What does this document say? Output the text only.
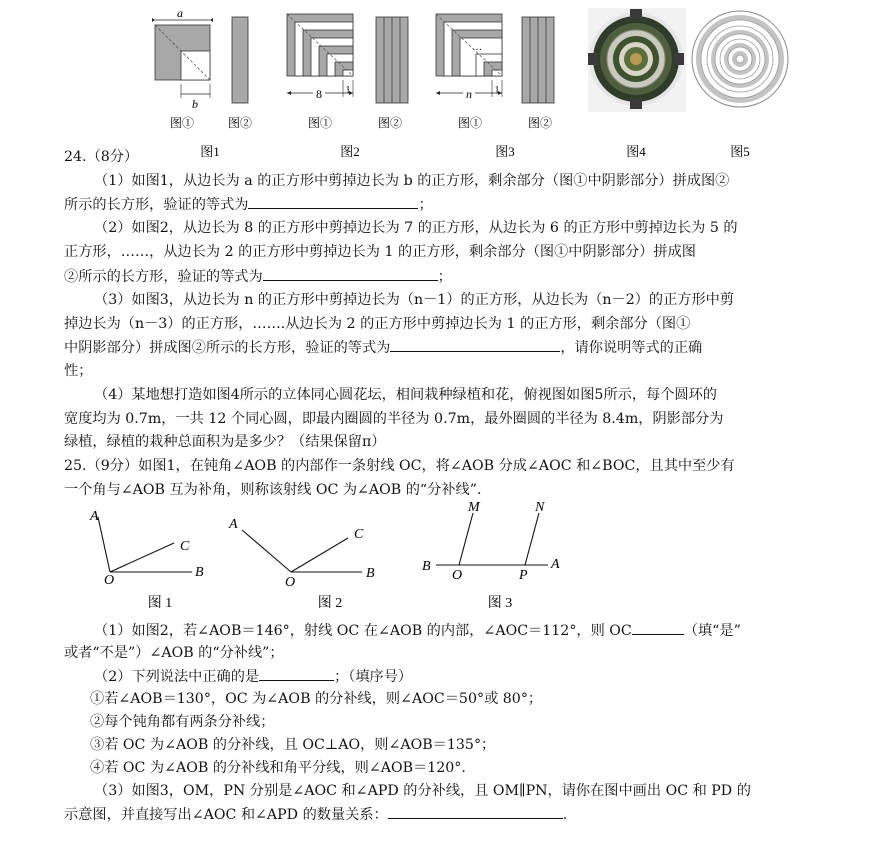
a
b
图①	图②
图1
8 1
图①	图②
图2
…
n 1
图①	图②
图3	图4	图5
A
O
B
C
图 1
A
O
B
C
图 2
M	N
B
O	P
A
图 3
24.（8分）
（1）如图1，从边长为 a 的正方形中剪掉边长为 b 的正方形，剩余部分（图①中阴影部分）拼成图②
所示的长方形，验证的等式为	；
（2）如图2，从边长为 8 的正方形中剪掉边长为 7 的正方形，从边长为 6 的正方形中剪掉边长为 5 的
正方形，……，从边长为 2 的正方形中剪掉边长为 1 的正方形，剩余部分（图①中阴影部分）拼成图
②所示的长方形，验证的等式为	；
（3）如图3，从边长为 n 的正方形中剪掉边长为（n－1）的正方形，从边长为（n－2）的正方形中剪
掉边长为（n－3）的正方形，…….从边长为 2 的正方形中剪掉边长为 1 的正方形，剩余部分（图①
中阴影部分）拼成图②所示的长方形，验证的等式为	，请你说明等式的正确
性；
（4）某地想打造如图4所示的立体同心圆花坛，相间栽种绿植和花，俯视图如图5所示，每个圆环的
宽度均为 0.7m，一共 12 个同心圆，即最内圈圆的半径为 0.7m，最外圈圆的半径为 8.4m，阴影部分为
绿植，绿植的栽种总面积为是多少？（结果保留π）
25.（9分）如图1，在钝角∠AOB 的内部作一条射线 OC，将∠AOB 分成∠AOC 和∠BOC，且其中至少有
一个角与∠AOB 互为补角，则称该射线 OC 为∠AOB 的“分补线”.
（1）如图2，若∠AOB＝146°，射线 OC 在∠AOB 的内部，∠AOC＝112°，则 OC	（填“是”
或者“不是”）∠AOB 的“分补线”；
（2）下列说法中正确的是	；（填序号）
①若∠AOB＝130°，OC 为∠AOB 的分补线，则∠AOC＝50°或 80°；
②每个钝角都有两条分补线；
③若 OC 为∠AOB 的分补线，且 OC⊥AO，则∠AOB＝135°；
④若 OC 为∠AOB 的分补线和角平分线，则∠AOB＝120°.
（3）如图3，OM，PN 分别是∠AOC 和∠APD 的分补线，且 OM∥PN，请你在图中画出 OC 和 PD 的
示意图，并直接写出∠AOC 和∠APD 的数量关系：	.
